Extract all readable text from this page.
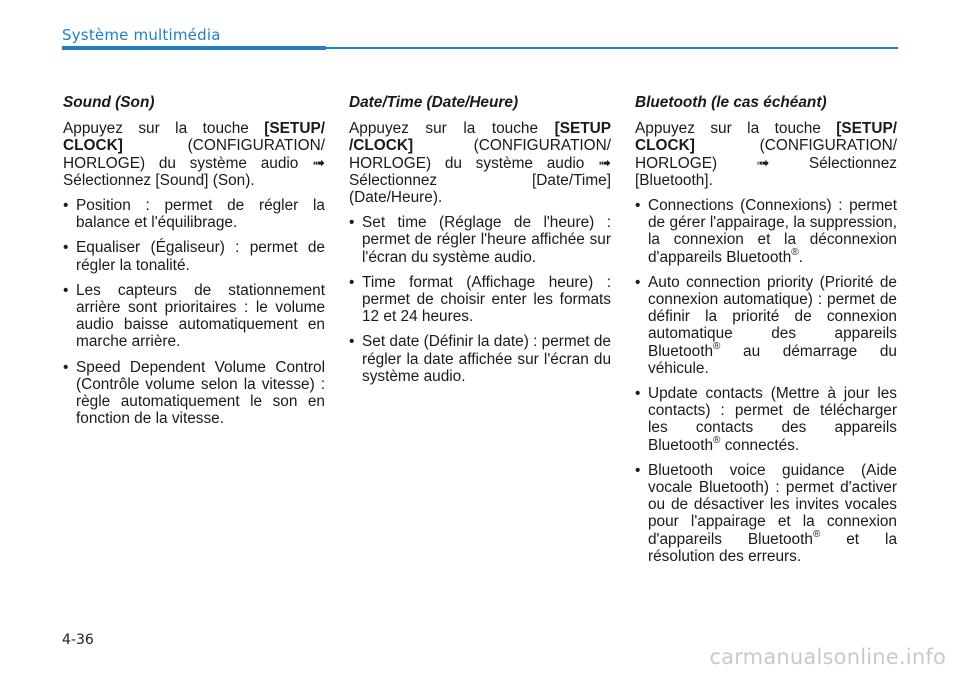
Système multimédia
Sound (Son)

Appuyez sur la touche [SETUP/ CLOCK] (CONFIGURATION/ HORLOGE) du système audio ➟ Sélectionnez [Sound] (Son).

• Position : permet de régler la balance et l'équilibrage.
• Equaliser (Égaliseur) : permet de régler la tonalité.
• Les capteurs de stationnement arrière sont prioritaires : le volume audio baisse automatiquement en marche arrière.
• Speed Dependent Volume Control (Contrôle volume selon la vitesse) : règle automatiquement le son en fonction de la vitesse.
Date/Time (Date/Heure)

Appuyez sur la touche [SETUP /CLOCK] (CONFIGURATION/ HORLOGE) du système audio ➟ Sélectionnez [Date/Time] (Date/Heure).

• Set time (Réglage de l'heure) : permet de régler l'heure affichée sur l'écran du système audio.
• Time format (Affichage heure) : permet de choisir enter les formats 12 et 24 heures.
• Set date (Définir la date) : permet de régler la date affichée sur l'écran du système audio.
Bluetooth (le cas échéant)

Appuyez sur la touche [SETUP/ CLOCK] (CONFIGURATION/ HORLOGE) ➟ Sélectionnez [Bluetooth].

• Connections (Connexions) : permet de gérer l'appairage, la suppression, la connexion et la déconnexion d'appareils Bluetooth®.
• Auto connection priority (Priorité de connexion automatique) : permet de définir la priorité de connexion automatique des appareils Bluetooth® au démarrage du véhicule.
• Update contacts (Mettre à jour les contacts) : permet de télécharger les contacts des appareils Bluetooth® connectés.
• Bluetooth voice guidance (Aide vocale Bluetooth) : permet d'activer ou de désactiver les invites vocales pour l'appairage et la connexion d'appareils Bluetooth® et la résolution des erreurs.
4-36
carmanualsonline.info
